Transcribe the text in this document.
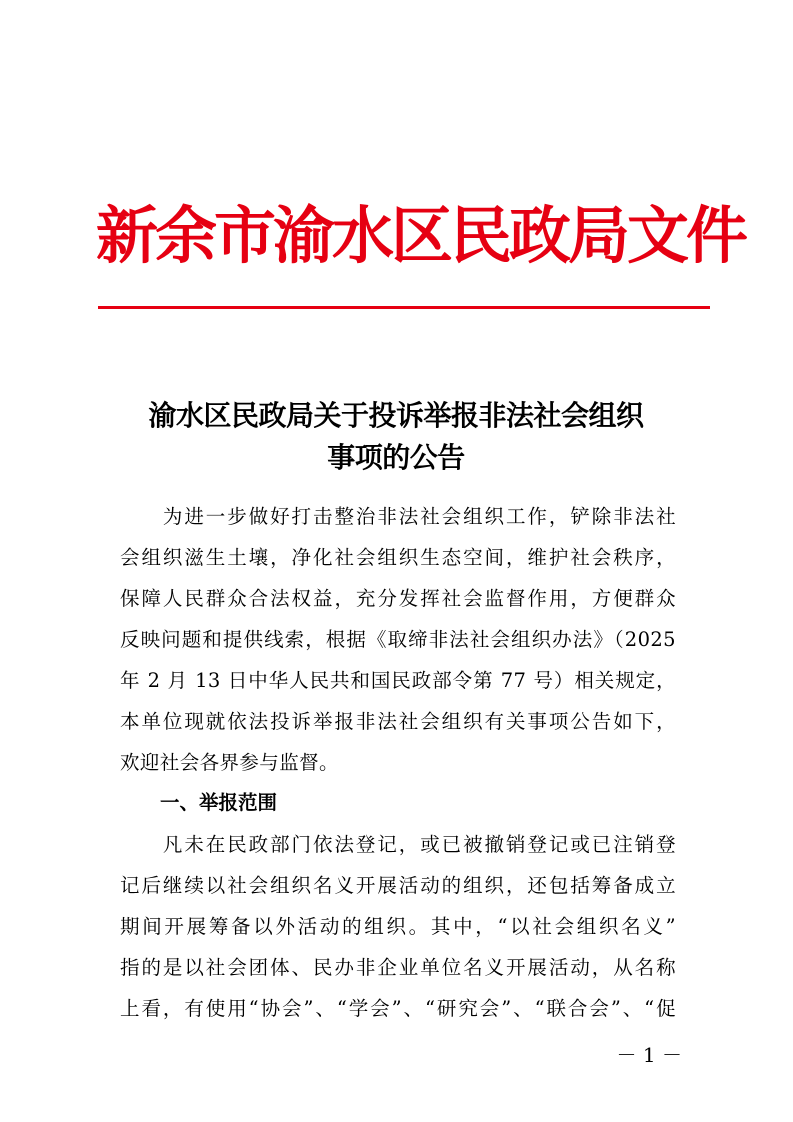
新余市渝水区民政局文件
渝水区民政局关于投诉举报非法社会组织
事项的公告
　　为进一步做好打击整治非法社会组织工作，铲除非法社
会组织滋生土壤，净化社会组织生态空间，维护社会秩序，
保障人民群众合法权益，充分发挥社会监督作用，方便群众
反映问题和提供线索，根据《取缔非法社会组织办法》（2025
年 2 月 13 日中华人民共和国民政部令第 77 号）相关规定，
本单位现就依法投诉举报非法社会组织有关事项公告如下，
欢迎社会各界参与监督。
一、举报范围
　　凡未在民政部门依法登记，或已被撤销登记或已注销登
记后继续以社会组织名义开展活动的组织，还包括筹备成立
期间开展筹备以外活动的组织。其中，“以社会组织名义”
指的是以社会团体、民办非企业单位名义开展活动，从名称
上看，有使用“协会”、“学会”、“研究会”、“联合会”、“促
－ 1 －
